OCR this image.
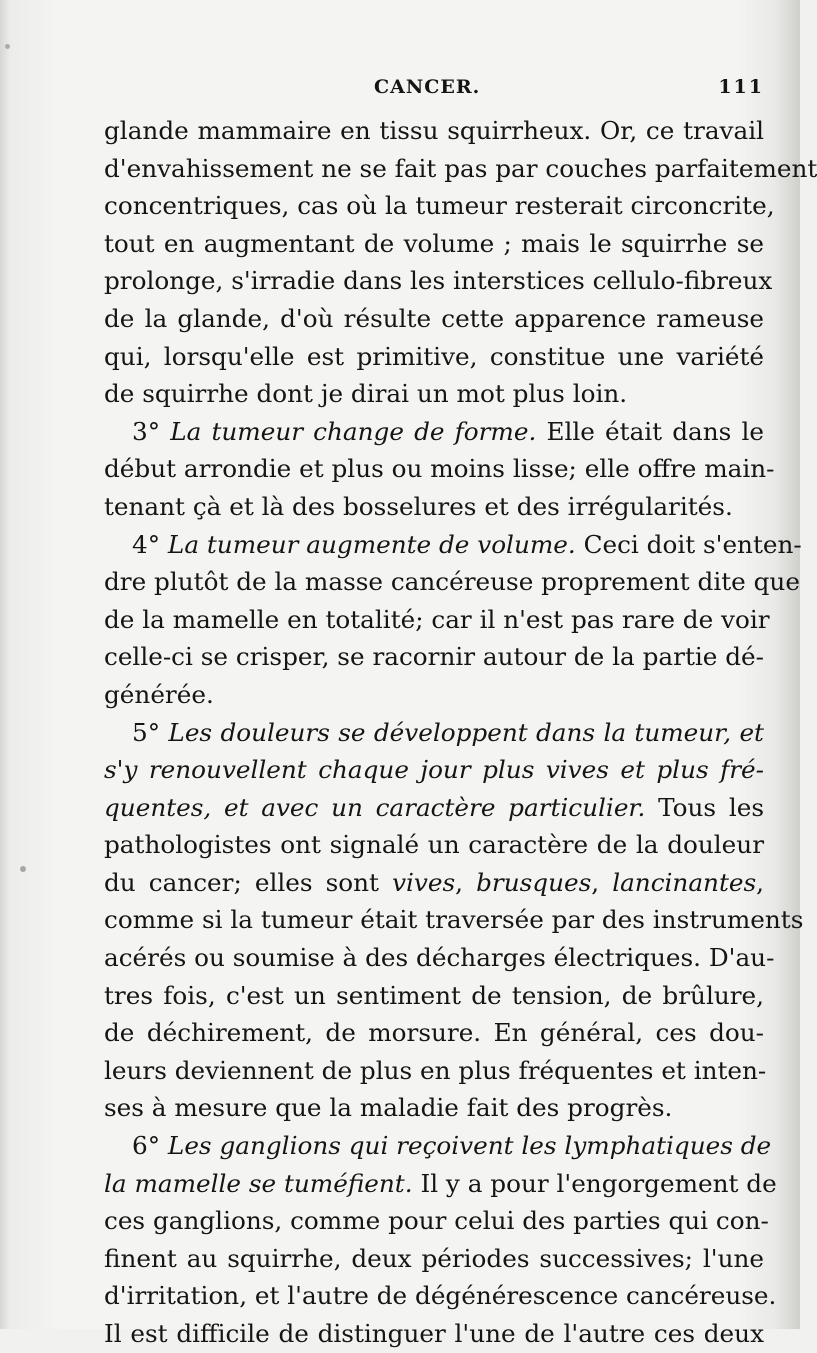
CANCER.	111
glande mammaire en tissu squirrheux. Or, ce travail
d'envahissement ne se fait pas par couches parfaitement
concentriques, cas où la tumeur resterait circoncrite,
tout en augmentant de volume ; mais le squirrhe se
prolonge, s'irradie dans les interstices cellulo-fibreux
de la glande, d'où résulte cette apparence rameuse
qui, lorsqu'elle est primitive, constitue une variété
de squirrhe dont je dirai un mot plus loin.
3° La tumeur change de forme. Elle était dans le
début arrondie et plus ou moins lisse; elle offre main-
tenant çà et là des bosselures et des irrégularités.
4° La tumeur augmente de volume. Ceci doit s'enten-
dre plutôt de la masse cancéreuse proprement dite que
de la mamelle en totalité; car il n'est pas rare de voir
celle-ci se crisper, se racornir autour de la partie dé-
générée.
5° Les douleurs se développent dans la tumeur, et
s'y renouvellent chaque jour plus vives et plus fré-
quentes, et avec un caractère particulier. Tous les
pathologistes ont signalé un caractère de la douleur
du cancer; elles sont vives, brusques, lancinantes,
comme si la tumeur était traversée par des instruments
acérés ou soumise à des décharges électriques. D'au-
tres fois, c'est un sentiment de tension, de brûlure,
de déchirement, de morsure. En général, ces dou-
leurs deviennent de plus en plus fréquentes et inten-
ses à mesure que la maladie fait des progrès.
6° Les ganglions qui reçoivent les lymphatiques de
la mamelle se tuméfient. Il y a pour l'engorgement de
ces ganglions, comme pour celui des parties qui con-
finent au squirrhe, deux périodes successives; l'une
d'irritation, et l'autre de dégénérescence cancéreuse.
Il est difficile de distinguer l'une de l'autre ces deux
